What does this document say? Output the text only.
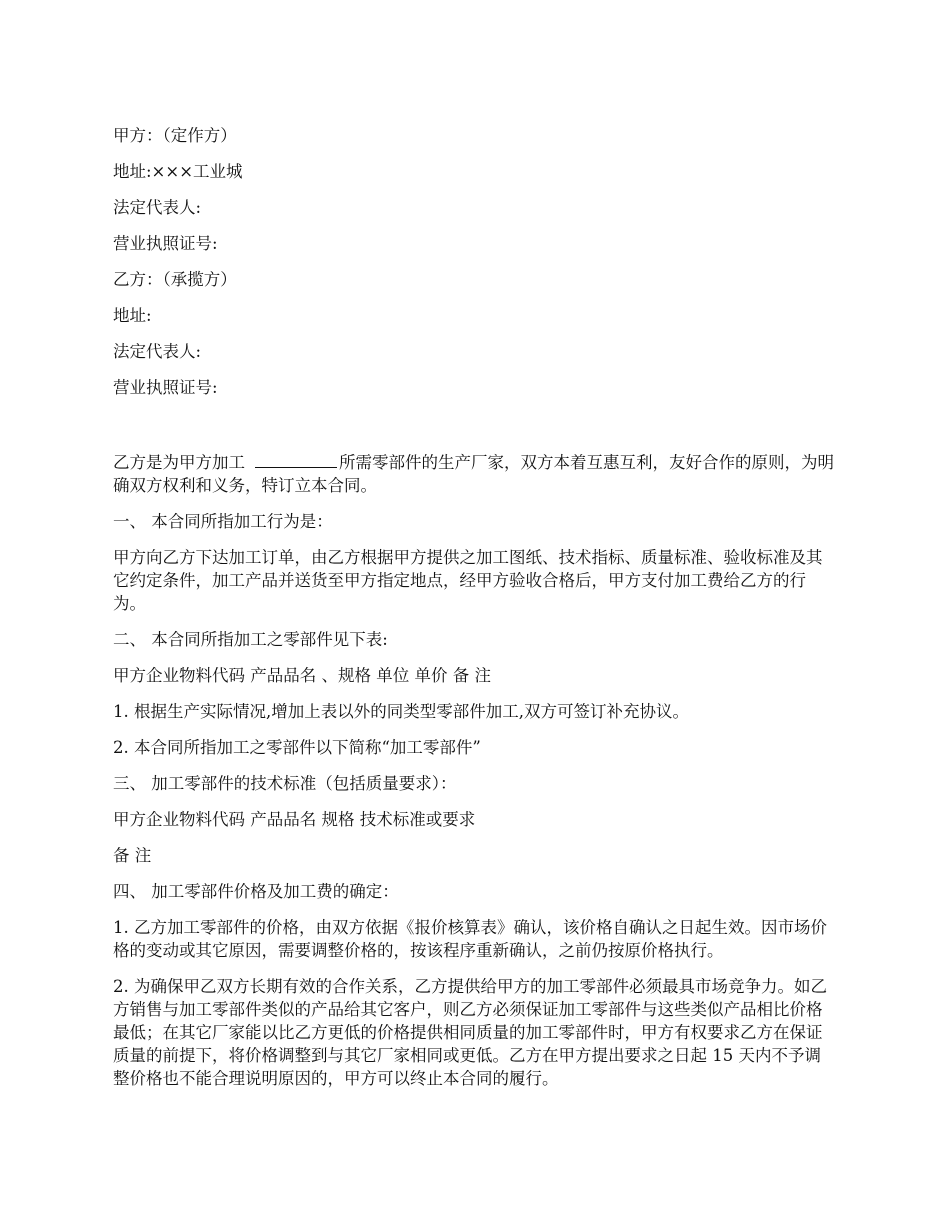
甲方：（定作方）

地址:×××工业城

法定代表人:

营业执照证号:

乙方：（承揽方）

地址:

法定代表人:

营业执照证号:

乙方是为甲方加工	所需零部件的生产厂家，双方本着互惠互利，友好合作的原则，为明确双方权利和义务，特订立本合同。

一、 本合同所指加工行为是：

甲方向乙方下达加工订单，由乙方根据甲方提供之加工图纸、技术指标、质量标准、验收标准及其它约定条件，加工产品并送货至甲方指定地点，经甲方验收合格后，甲方支付加工费给乙方的行为。

二、 本合同所指加工之零部件见下表:

甲方企业物料代码 产品品名 、规格 单位 单价 备 注

1. 根据生产实际情况,增加上表以外的同类型零部件加工,双方可签订补充协议。

2. 本合同所指加工之零部件以下简称“加工零部件”

三、 加工零部件的技术标准（包括质量要求）：

甲方企业物料代码 产品品名 规格 技术标准或要求

备 注

四、 加工零部件价格及加工费的确定：

1. 乙方加工零部件的价格，由双方依据《报价核算表》确认，该价格自确认之日起生效。因市场价格的变动或其它原因，需要调整价格的，按该程序重新确认，之前仍按原价格执行。

2. 为确保甲乙双方长期有效的合作关系，乙方提供给甲方的加工零部件必须最具市场竞争力。如乙方销售与加工零部件类似的产品给其它客户，则乙方必须保证加工零部件与这些类似产品相比价格最低；在其它厂家能以比乙方更低的价格提供相同质量的加工零部件时，甲方有权要求乙方在保证质量的前提下，将价格调整到与其它厂家相同或更低。乙方在甲方提出要求之日起 15 天内不予调整价格也不能合理说明原因的，甲方可以终止本合同的履行。
